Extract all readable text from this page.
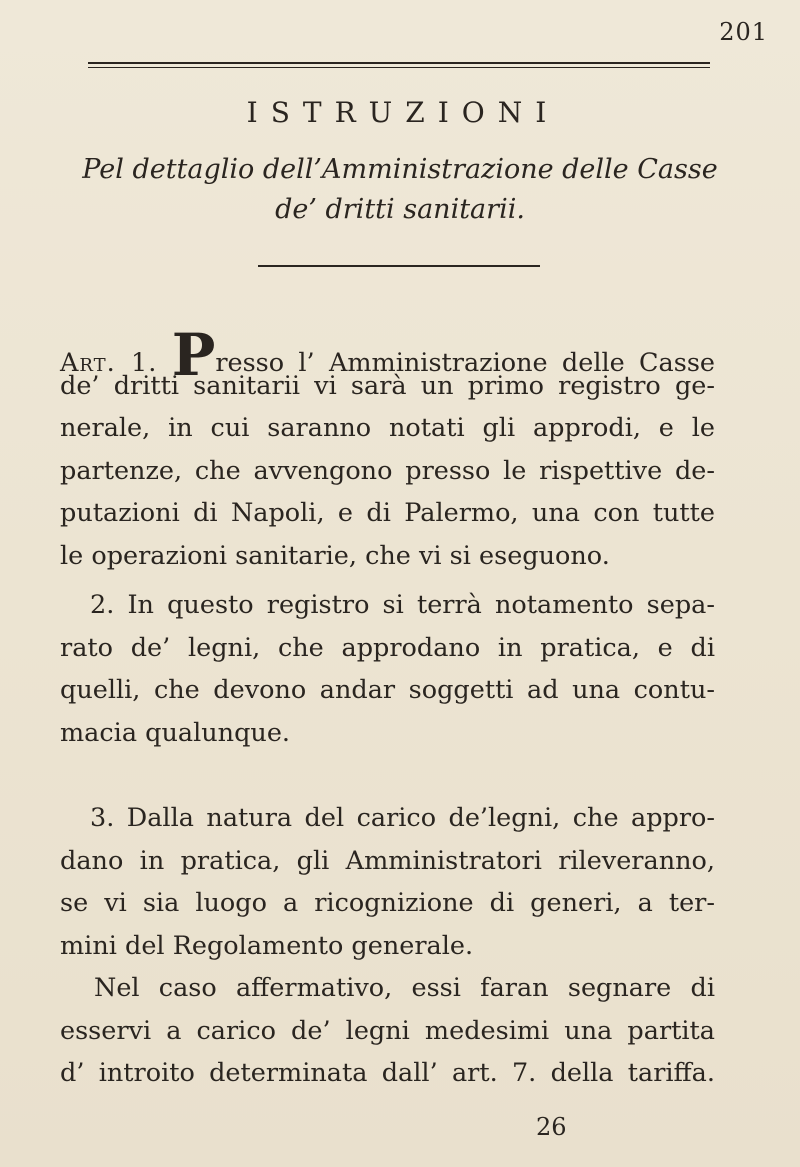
201
ISTRUZIONI
Pel dettaglio dell’Amministrazione delle Casse
de’ dritti sanitarii.
Art. 1. Presso l’ Amministrazione delle Casse
de’ dritti sanitarii vi sarà un primo registro ge-
nerale, in cui saranno notati gli approdi, e le
partenze, che avvengono presso le rispettive de-
putazioni di Napoli, e di Palermo, una con tutte
le operazioni sanitarie, che vi si eseguono.
2. In questo registro si terrà notamento sepa-
rato de’ legni, che approdano in pratica, e di
quelli, che devono andar soggetti ad una contu-
macia qualunque.
3. Dalla natura del carico de’legni, che appro-
dano in pratica, gli Amministratori rileveranno,
se vi sia luogo a ricognizione di generi, a ter-
mini del Regolamento generale.
Nel caso affermativo, essi faran segnare di
esservi a carico de’ legni medesimi una partita
d’ introito determinata dall’ art. 7. della tariffa.
26
